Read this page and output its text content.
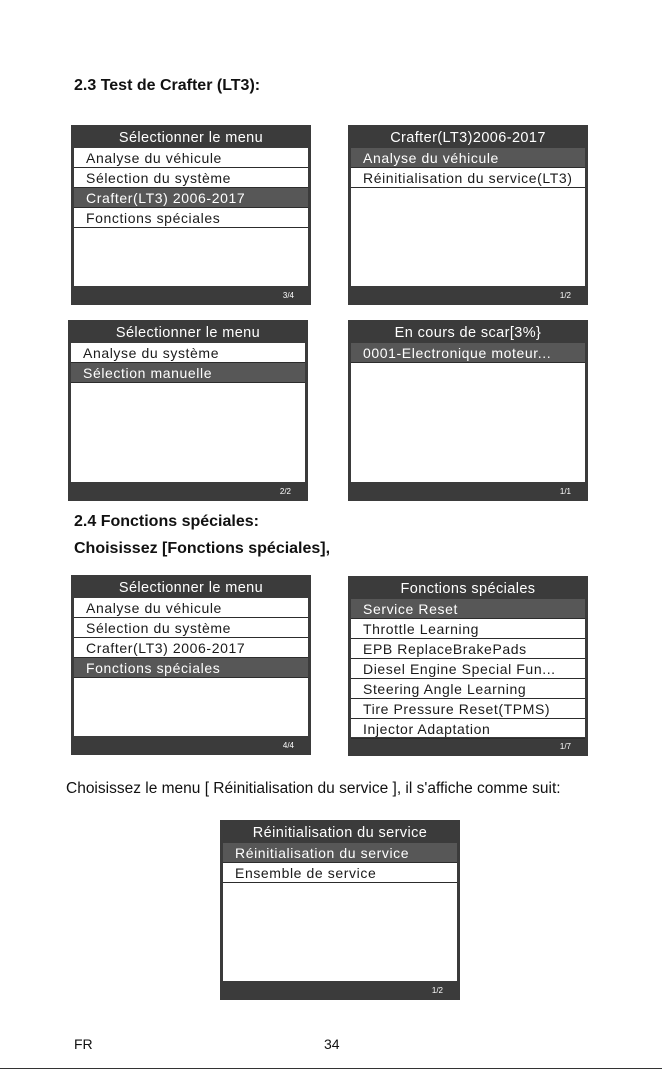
2.3 Test de Crafter (LT3):
Sélectionner le menu
Analyse du véhicule
Sélection du système
Crafter(LT3) 2006-2017
Fonctions spéciales
3/4
Crafter(LT3)2006-2017
Analyse du véhicule
Réinitialisation du service(LT3)
1/2
Sélectionner le menu
Analyse du système
Sélection manuelle
2/2
En cours de scar[3%}
0001-Electronique moteur...
1/1
2.4 Fonctions spéciales:

Choisissez [Fonctions spéciales],

Sélectionner le menu
Analyse du véhicule
Sélection du système
Crafter(LT3) 2006-2017
Fonctions spéciales
4/4
Fonctions spéciales
Service Reset
Throttle Learning
EPB ReplaceBrakePads
Diesel Engine Special Fun...
Steering Angle Learning
Tire Pressure Reset(TPMS)
Injector Adaptation
1/7

Choisissez le menu [ Réinitialisation du service ], il s'affiche comme suit:

Réinitialisation du service
Réinitialisation du service
Ensemble de service
1/2
FR	34
